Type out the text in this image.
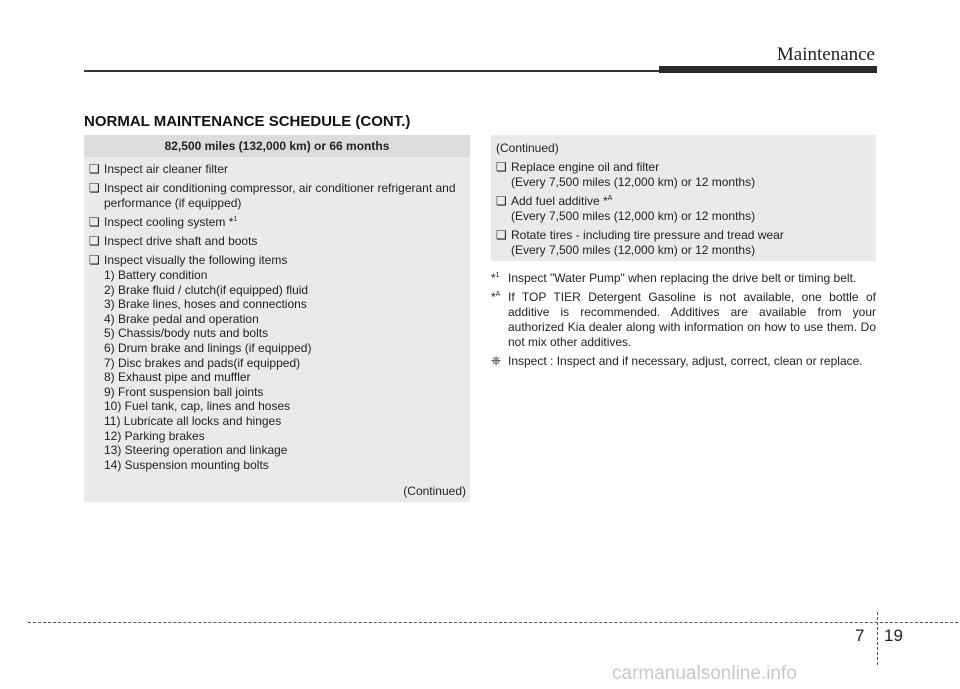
Maintenance
NORMAL MAINTENANCE SCHEDULE (CONT.)
82,500 miles (132,000 km) or 66 months
❑ Inspect air cleaner filter
❑ Inspect air conditioning compressor, air conditioner refrigerant and performance (if equipped)
❑ Inspect cooling system *$^1$
❑ Inspect drive shaft and boots
❑ Inspect visually the following items
1) Battery condition
2) Brake fluid / clutch(if equipped) fluid
3) Brake lines, hoses and connections
4) Brake pedal and operation
5) Chassis/body nuts and bolts
6) Drum brake and linings (if equipped)
7) Disc brakes and pads(if equipped)
8) Exhaust pipe and muffler
9) Front suspension ball joints
10) Fuel tank, cap, lines and hoses
11) Lubricate all locks and hinges
12) Parking brakes
13) Steering operation and linkage
14) Suspension mounting bolts
(Continued)
(Continued)
❑ Replace engine oil and filter
(Every 7,500 miles (12,000 km) or 12 months)
❑ Add fuel additive *$^A$
(Every 7,500 miles (12,000 km) or 12 months)
❑ Rotate tires - including tire pressure and tread wear
(Every 7,500 miles (12,000 km) or 12 months)
*$^1$ Inspect "Water Pump" when replacing the drive belt or timing belt.
*$^A$ If TOP TIER Detergent Gasoline is not available, one bottle of additive is recommended. Additives are available from your authorized Kia dealer along with information on how to use them. Do not mix other additives.
❈ Inspect : Inspect and if necessary, adjust, correct, clean or replace.
7 19
carmanualsonline.info
